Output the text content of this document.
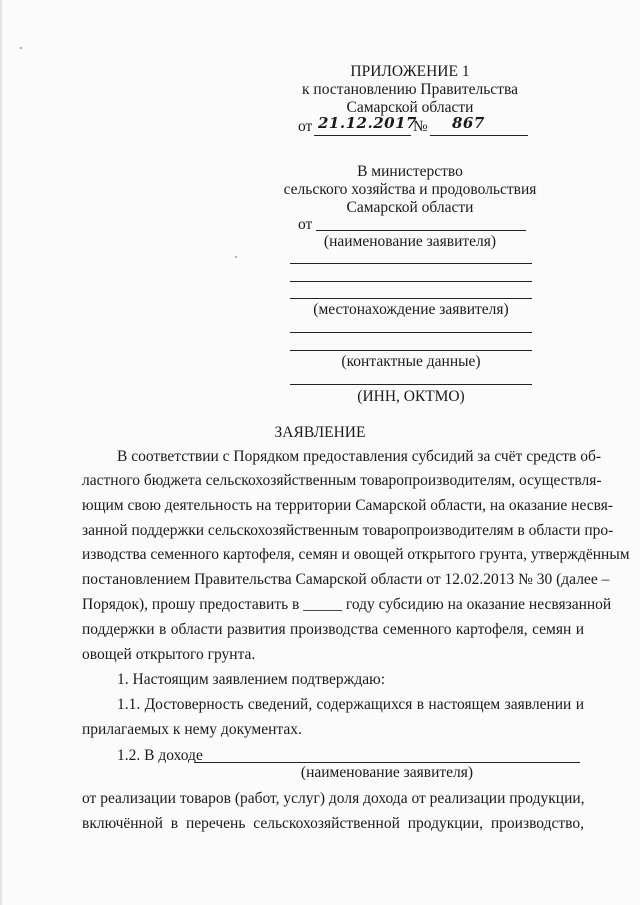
ПРИЛОЖЕНИЕ 1
к постановлению Правительства
Самарской области
от 21.12.2017
№ 867
В министерство
сельского хозяйства и продовольствия
Самарской области
от
(наименование заявителя)
(местонахождение заявителя)
(контактные данные)
(ИНН, ОКТМО)
ЗАЯВЛЕНИЕ
В соответствии с Порядком предоставления субсидий за счёт средств об-
ластного бюджета сельскохозяйственным товаропроизводителям, осуществля-
ющим свою деятельность на территории Самарской области, на оказание несвя-
занной поддержки сельскохозяйственным товаропроизводителям в области про-
изводства семенного картофеля, семян и овощей открытого грунта, утверждённым
постановлением Правительства Самарской области от 12.02.2013 № 30 (далее –
Порядок), прошу предоставить в _____ году субсидию на оказание несвязанной
поддержки в области развития производства семенного картофеля, семян и
овощей открытого грунта.
1. Настоящим заявлением подтверждаю:
1.1. Достоверность сведений, содержащихся в настоящем заявлении и
прилагаемых к нему документах.
1.2. В доходе
(наименование заявителя)
от реализации товаров (работ, услуг) доля дохода от реализации продукции,
включённой в перечень сельскохозяйственной продукции, производство,
